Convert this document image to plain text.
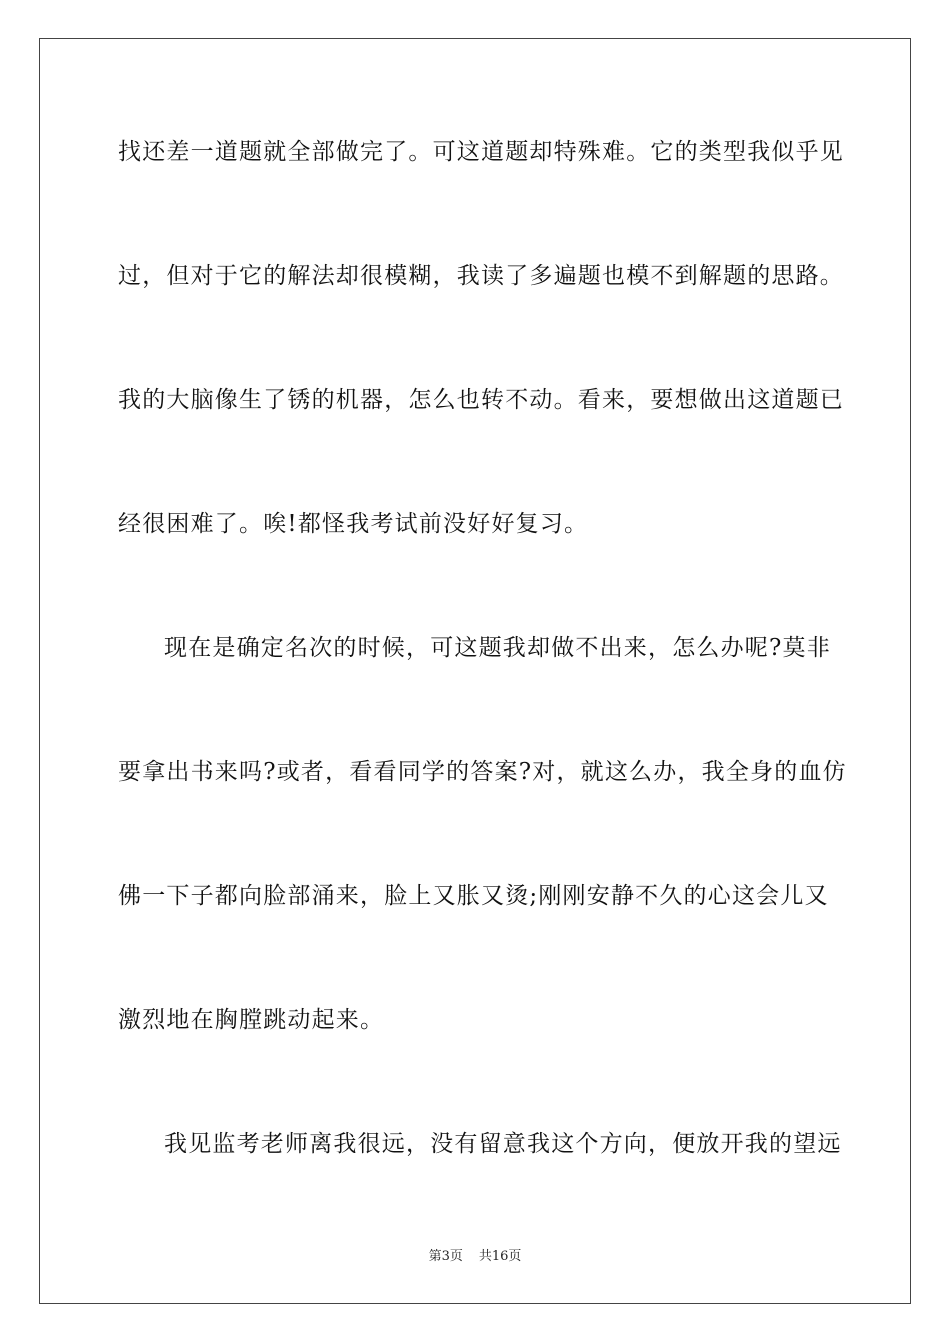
找还差一道题就全部做完了。可这道题却特殊难。它的类型我似乎见
过，但对于它的解法却很模糊，我读了多遍题也模不到解题的思路。
我的大脑像生了锈的机器，怎么也转不动。看来，要想做出这道题已
经很困难了。唉!都怪我考试前没好好复习。
现在是确定名次的时候，可这题我却做不出来，怎么办呢?莫非
要拿出书来吗?或者，看看同学的答案?对，就这么办，我全身的血仿
佛一下子都向脸部涌来，脸上又胀又烫;刚刚安静不久的心这会儿又
激烈地在胸膛跳动起来。
我见监考老师离我很远，没有留意我这个方向，便放开我的望远
第3页 共16页
